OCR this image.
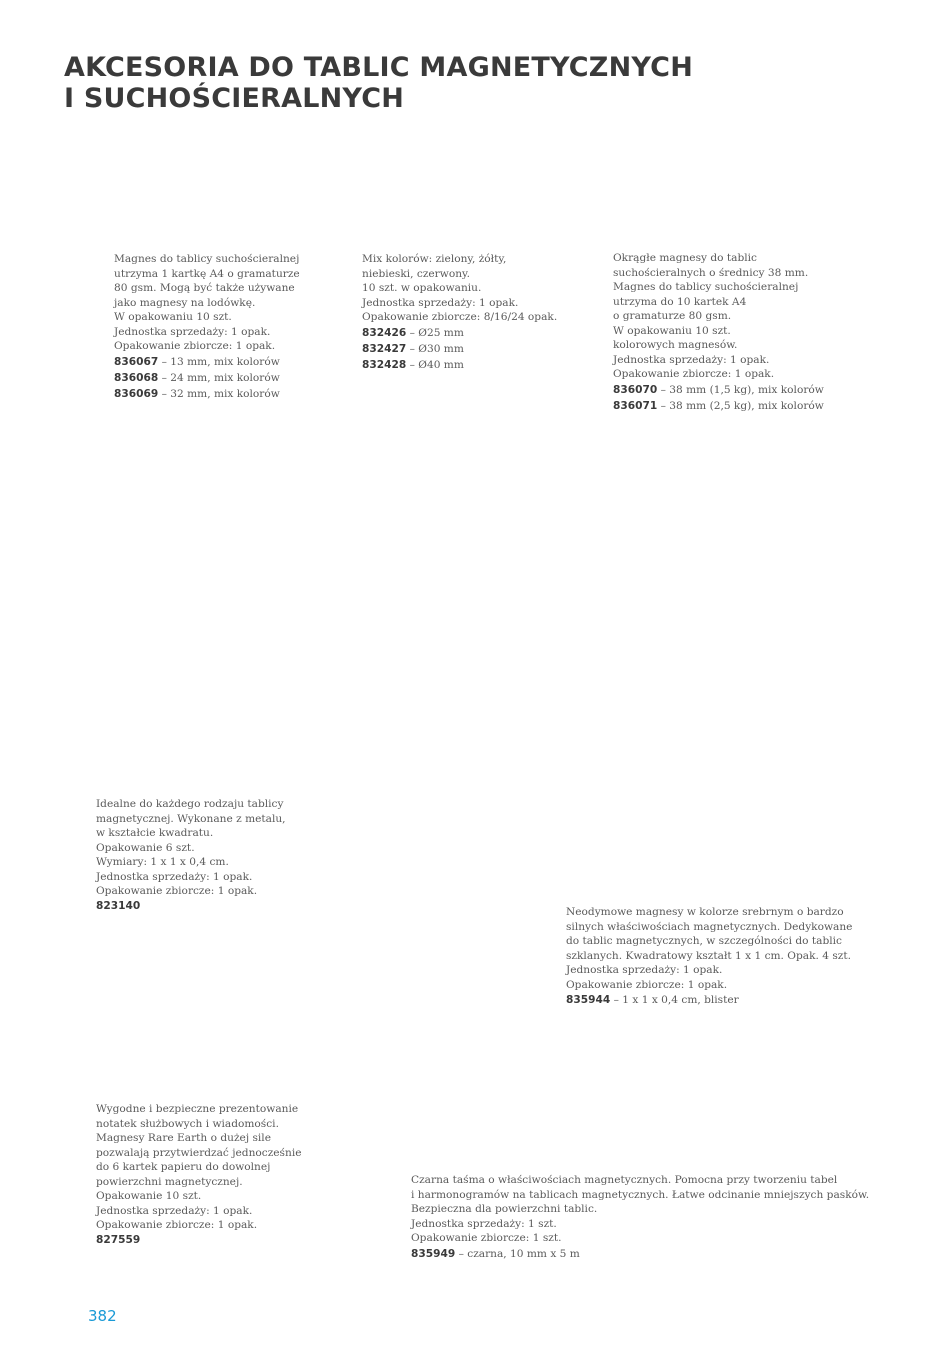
AKCESORIA DO TABLIC MAGNETYCZNYCH
I SUCHOŚCIERALNYCH
Magnes do tablicy suchościeralnej
utrzyma 1 kartkę A4 o gramaturze
80 gsm. Mogą być także używane
jako magnesy na lodówkę.
W opakowaniu 10 szt.
Jednostka sprzedaży: 1 opak.
Opakowanie zbiorcze: 1 opak.
836067 – 13 mm, mix kolorów
836068 – 24 mm, mix kolorów
836069 – 32 mm, mix kolorów
Mix kolorów: zielony, żółty,
niebieski, czerwony.
10 szt. w opakowaniu.
Jednostka sprzedaży: 1 opak.
Opakowanie zbiorcze: 8/16/24 opak.
832426 – Ø25 mm
832427 – Ø30 mm
832428 – Ø40 mm
Okrągłe magnesy do tablic
suchościeralnych o średnicy 38 mm.
Magnes do tablicy suchościeralnej
utrzyma do 10 kartek A4
o gramaturze 80 gsm.
W opakowaniu 10 szt.
kolorowych magnesów.
Jednostka sprzedaży: 1 opak.
Opakowanie zbiorcze: 1 opak.
836070 – 38 mm (1,5 kg), mix kolorów
836071 – 38 mm (2,5 kg), mix kolorów
Idealne do każdego rodzaju tablicy
magnetycznej. Wykonane z metalu,
w kształcie kwadratu.
Opakowanie 6 szt.
Wymiary: 1 x 1 x 0,4 cm.
Jednostka sprzedaży: 1 opak.
Opakowanie zbiorcze: 1 opak.
823140
Neodymowe magnesy w kolorze srebrnym o bardzo
silnych właściwościach magnetycznych. Dedykowane
do tablic magnetycznych, w szczególności do tablic
szklanych. Kwadratowy kształt 1 x 1 cm. Opak. 4 szt.
Jednostka sprzedaży: 1 opak.
Opakowanie zbiorcze: 1 opak.
835944 – 1 x 1 x 0,4 cm, blister
Wygodne i bezpieczne prezentowanie
notatek służbowych i wiadomości.
Magnesy Rare Earth o dużej sile
pozwalają przytwierdzać jednocześnie
do 6 kartek papieru do dowolnej
powierzchni magnetycznej.
Opakowanie 10 szt.
Jednostka sprzedaży: 1 opak.
Opakowanie zbiorcze: 1 opak.
827559
Czarna taśma o właściwościach magnetycznych. Pomocna przy tworzeniu tabel
i harmonogramów na tablicach magnetycznych. Łatwe odcinanie mniejszych pasków.
Bezpieczna dla powierzchni tablic.
Jednostka sprzedaży: 1 szt.
Opakowanie zbiorcze: 1 szt.
835949 – czarna, 10 mm x 5 m
382
